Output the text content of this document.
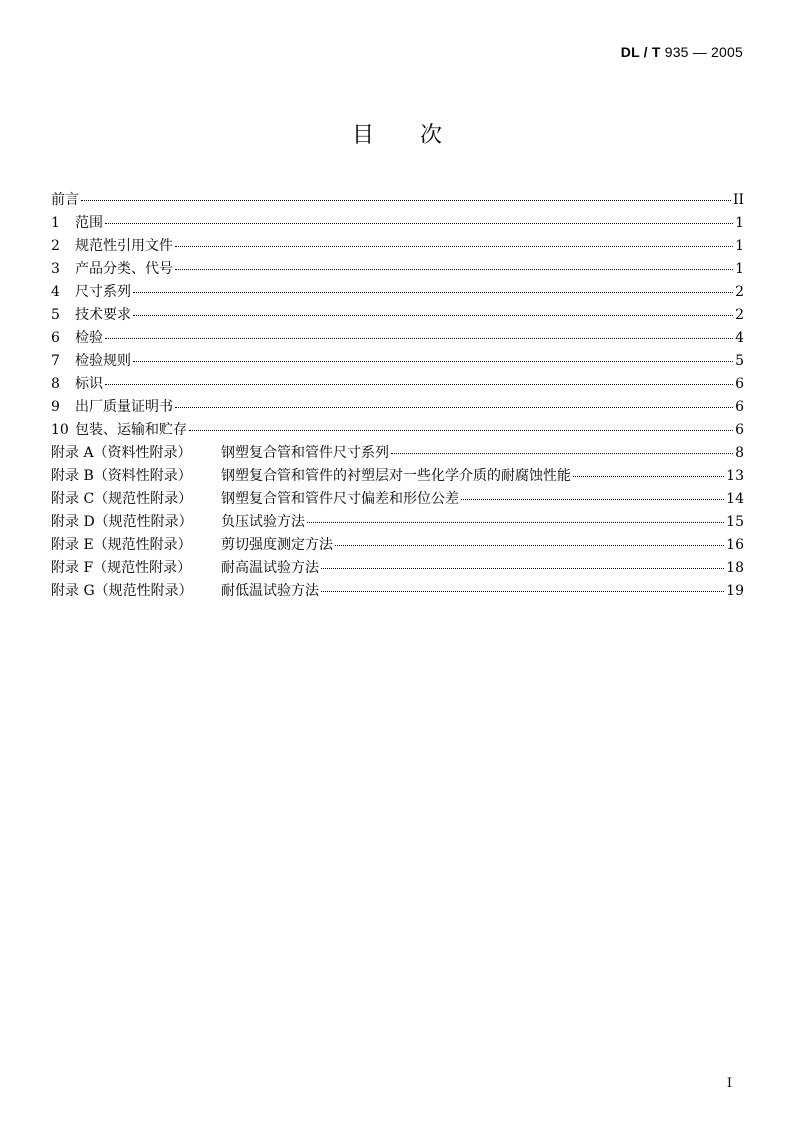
DL / T 935 — 2005
目 次
前言	II
1	范围	1
2	规范性引用文件	1
3	产品分类、代号	1
4	尺寸系列	2
5	技术要求	2
6	检验	4
7	检验规则	5
8	标识	6
9	出厂质量证明书	6
10 包装、运输和贮存	6
附录 A（资料性附录）	钢塑复合管和管件尺寸系列	8
附录 B（资料性附录）	钢塑复合管和管件的衬塑层对一些化学介质的耐腐蚀性能	13
附录 C（规范性附录）	钢塑复合管和管件尺寸偏差和形位公差	14
附录 D（规范性附录）	负压试验方法	15
附录 E（规范性附录）	剪切强度测定方法	16
附录 F（规范性附录）	耐高温试验方法	18
附录 G（规范性附录）	耐低温试验方法	19
I
